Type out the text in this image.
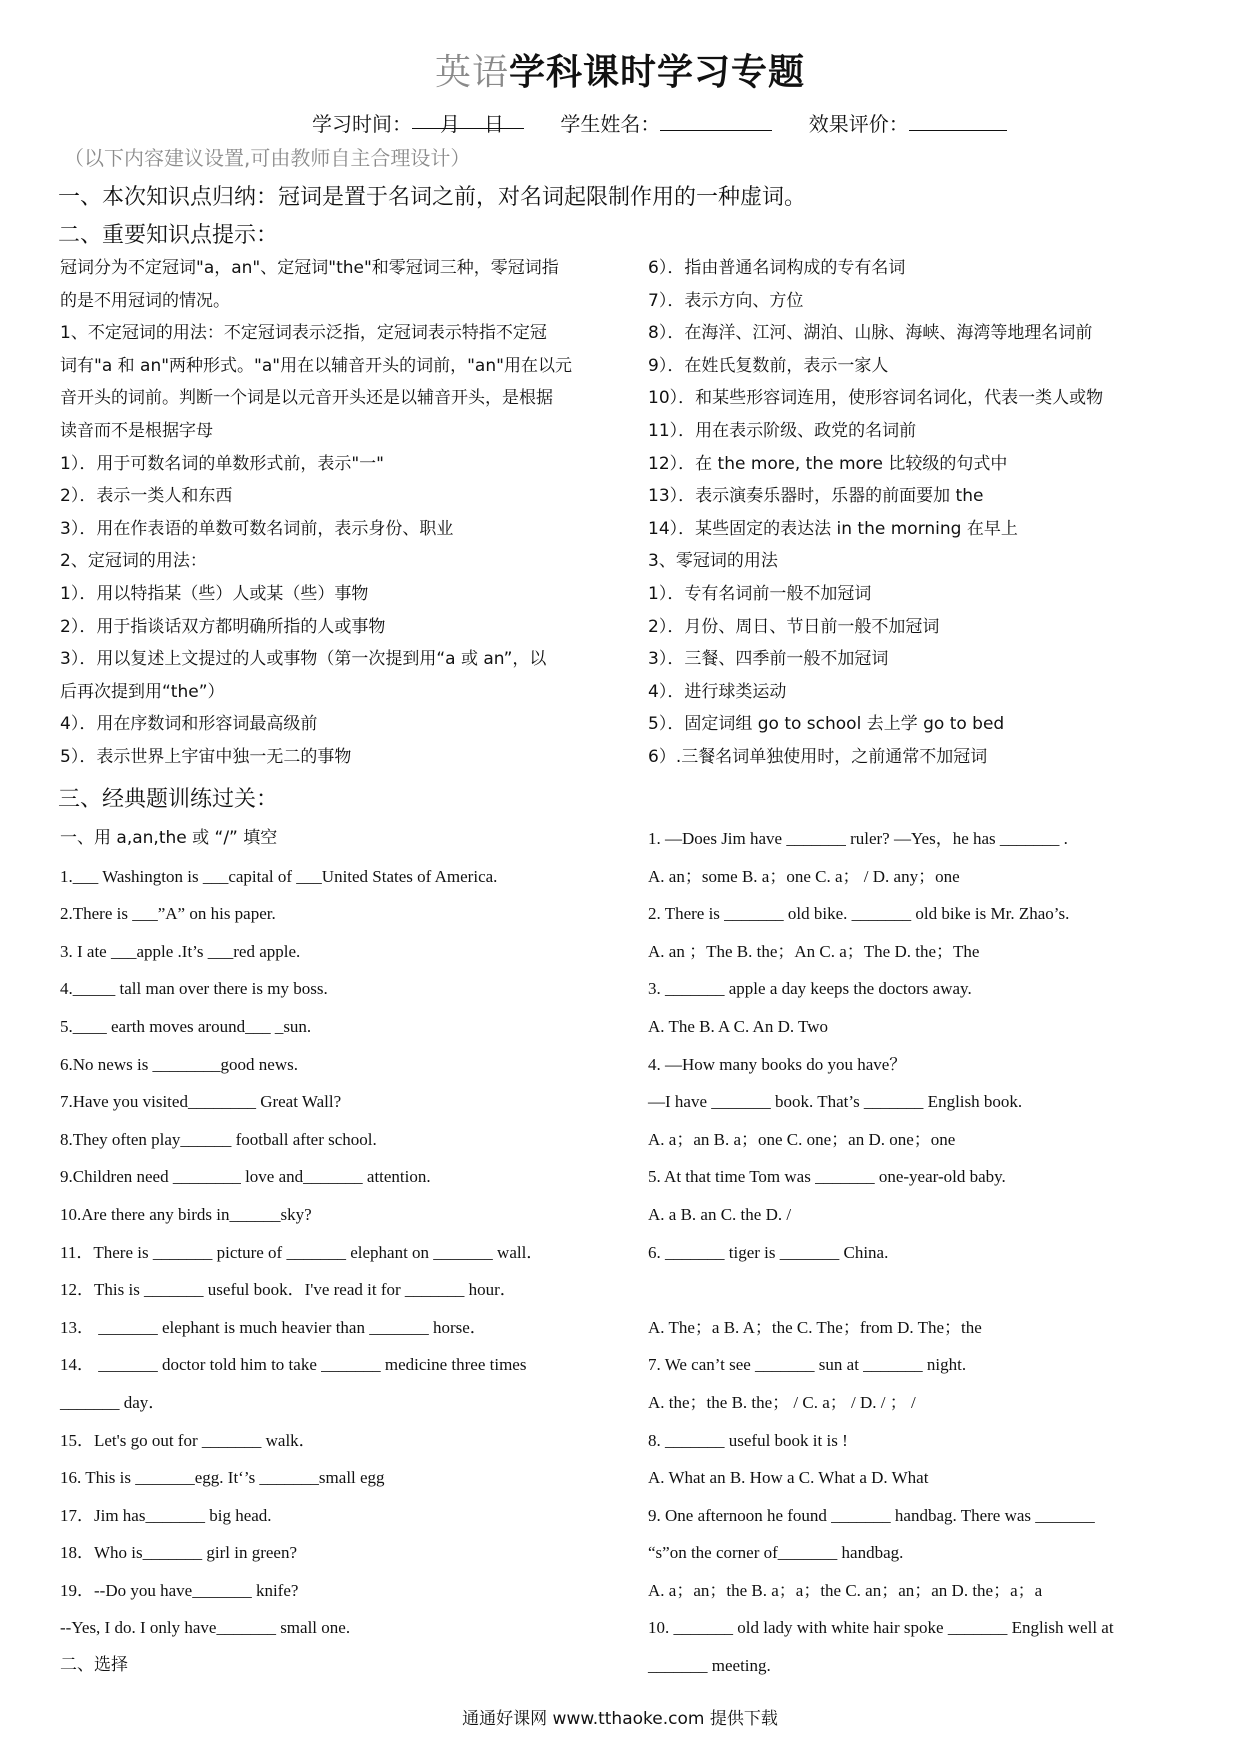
英语学科课时学习专题
学习时间： 月 日	学生姓名：	效果评价：
（以下内容建议设置,可由教师自主合理设计）
一、本次知识点归纳：冠词是置于名词之前，对名词起限制作用的一种虚词。
二、重要知识点提示：
冠词分为不定冠词"a，an"、定冠词"the"和零冠词三种，零冠词指
的是不用冠词的情况。
1、不定冠词的用法：不定冠词表示泛指，定冠词表示特指不定冠
词有"a 和 an"两种形式。"a"用在以辅音开头的词前，"an"用在以元
音开头的词前。判断一个词是以元音开头还是以辅音开头，是根据
读音而不是根据字母
1）．用于可数名词的单数形式前，表示"一"
2）．表示一类人和东西
3）．用在作表语的单数可数名词前，表示身份、职业
2、定冠词的用法：
1）．用以特指某（些）人或某（些）事物
2）．用于指谈话双方都明确所指的人或事物
3）．用以复述上文提过的人或事物（第一次提到用“a 或 an”，以
后再次提到用“the”）
4）．用在序数词和形容词最高级前
5）．表示世界上宇宙中独一无二的事物
6）．指由普通名词构成的专有名词
7）．表示方向、方位
8）．在海洋、江河、湖泊、山脉、海峡、海湾等地理名词前
9）．在姓氏复数前，表示一家人
10）．和某些形容词连用，使形容词名词化，代表一类人或物
11）．用在表示阶级、政党的名词前
12）．在 the more, the more 比较级的句式中
13）．表示演奏乐器时，乐器的前面要加 the
14）．某些固定的表达法 in the morning 在早上
3、零冠词的用法
1）．专有名词前一般不加冠词
2）．月份、周日、节日前一般不加冠词
3）．三餐、四季前一般不加冠词
4）．进行球类运动
5）．固定词组 go to school 去上学 go to bed
6）.三餐名词单独使用时，之前通常不加冠词
三、经典题训练过关：
一、用 a,an,the 或 “/” 填空
1.___ Washington is ___capital of ___United States of America.
2.There is ___”A” on his paper.
3. I ate ___apple .It’s ___red apple.
4._____ tall man over there is my boss.
5.____ earth moves around___ _sun.
6.No news is ________good news.
7.Have you visited________ Great Wall?
8.They often play______ football after school.
9.Children need ________ love and_______ attention.
10.Are there any birds in______sky?
11．There is _______ picture of _______ elephant on _______ wall．
12．This is _______ useful book．I've read it for _______ hour．
13． _______ elephant is much heavier than _______ horse．
14． _______ doctor told him to take _______ medicine three times
_______ day．
15．Let's go out for _______ walk．
16. This is _______egg. It‘’s _______small egg
17．Jim has_______ big head.
18．Who is_______ girl in green?
19．--Do you have_______ knife?
--Yes, I do. I only have_______ small one.
二、选择
1. —Does Jim have _______ ruler? —Yes，he has _______ .
A. an；some B. a；one C. a； / D. any；one
2. There is _______ old bike. _______ old bike is Mr. Zhao’s.
A. an ；The B. the；An C. a；The D. the；The
3. _______ apple a day keeps the doctors away.
A. The B. A C. An D. Two
4. —How many books do you have？
—I have _______ book. That’s _______ English book.
A. a；an B. a；one C. one；an D. one；one
5. At that time Tom was _______ one-year-old baby.
A. a B. an C. the D. /
6. _______ tiger is _______ China.
A. The；a B. A；the C. The；from D. The；the
7. We can’t see _______ sun at _______ night.
A. the；the B. the； / C. a； / D. / ； /
8. _______ useful book it is !
A. What an B. How a C. What a D. What
9. One afternoon he found _______ handbag. There was _______
“s”on the corner of_______ handbag.
A. a；an；the B. a；a；the C. an；an；an D. the；a；a
10. _______ old lady with white hair spoke _______ English well at
_______ meeting.
通通好课网 www.tthaoke.com 提供下载
